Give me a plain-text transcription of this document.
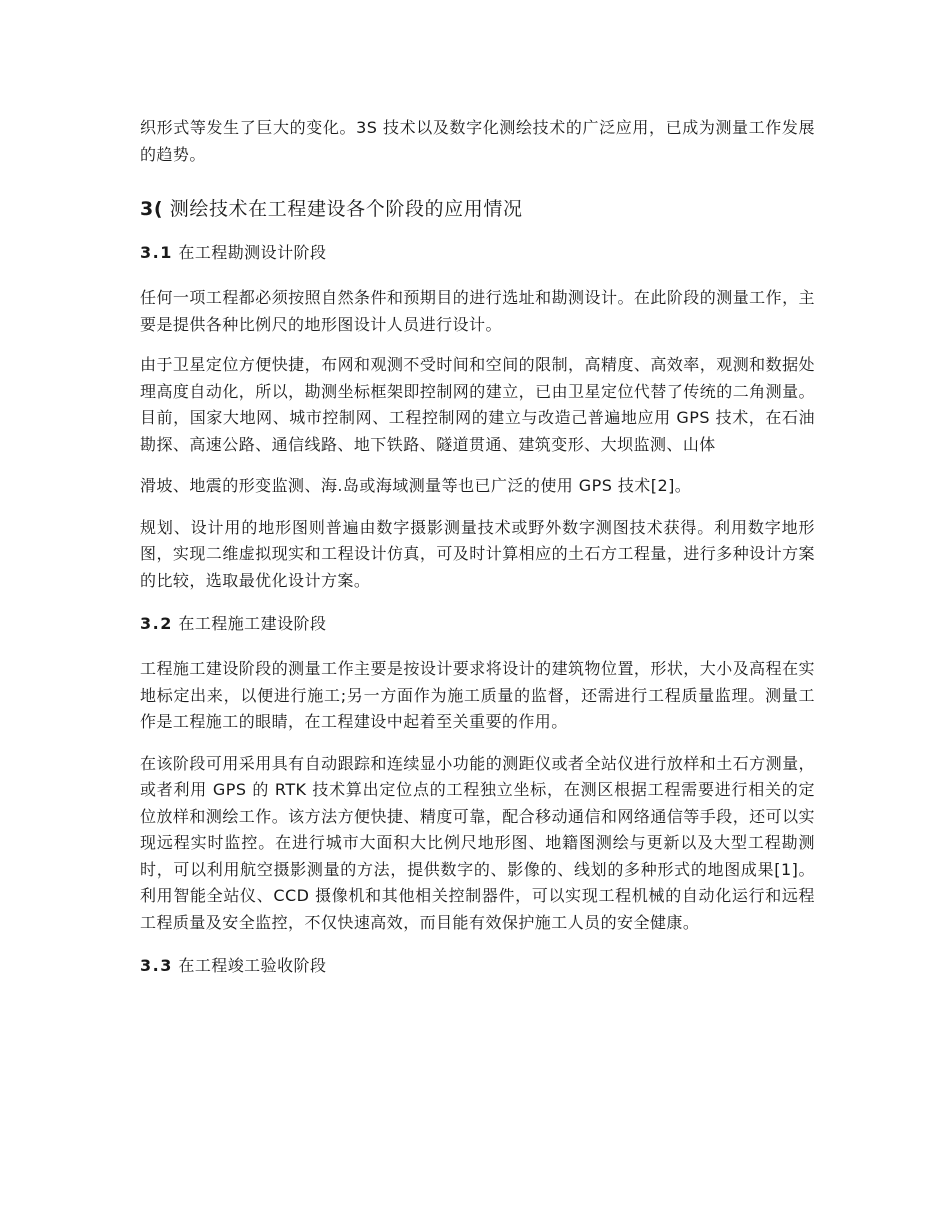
织形式等发生了巨大的变化。3S 技术以及数字化测绘技术的广泛应用，已成为测量工作发展的趋势。

3( 测绘技术在工程建设各个阶段的应用情况
3.1 在工程勘测设计阶段

任何一项工程都必须按照自然条件和预期目的进行选址和勘测设计。在此阶段的测量工作，主要是提供各种比例尺的地形图设计人员进行设计。

由于卫星定位方便快捷，布网和观测不受时间和空间的限制，高精度、高效率，观测和数据处理高度自动化，所以，勘测坐标框架即控制网的建立，已由卫星定位代替了传统的二角测量。目前，国家大地网、城市控制网、工程控制网的建立与改造己普遍地应用 GPS 技术，在石油勘探、高速公路、通信线路、地下铁路、隧道贯通、建筑变形、大坝监测、山体

滑坡、地震的形变监测、海.岛或海域测量等也已广泛的使用 GPS 技术[2]。

规划、设计用的地形图则普遍由数字摄影测量技术或野外数字测图技术获得。利用数字地形图，实现二维虚拟现实和工程设计仿真，可及时计算相应的土石方工程量，进行多种设计方案的比较，选取最优化设计方案。

3.2 在工程施工建设阶段

工程施工建设阶段的测量工作主要是按设计要求将设计的建筑物位置，形状，大小及高程在实地标定出来，以便进行施工;另一方面作为施工质量的监督，还需进行工程质量监理。测量工作是工程施工的眼睛，在工程建设中起着至关重要的作用。

在该阶段可用采用具有自动跟踪和连续显小功能的测距仪或者全站仪进行放样和土石方测量，或者利用 GPS 的 RTK 技术算出定位点的工程独立坐标，在测区根据工程需要进行相关的定位放样和测绘工作。该方法方便快捷、精度可靠，配合移动通信和网络通信等手段，还可以实现远程实时监控。在进行城市大面积大比例尺地形图、地籍图测绘与更新以及大型工程勘测时，可以利用航空摄影测量的方法，提供数字的、影像的、线划的多种形式的地图成果[1]。利用智能全站仪、CCD 摄像机和其他相关控制器件，可以实现工程机械的自动化运行和远程工程质量及安全监控，不仅快速高效，而目能有效保护施工人员的安全健康。

3.3 在工程竣工验收阶段
